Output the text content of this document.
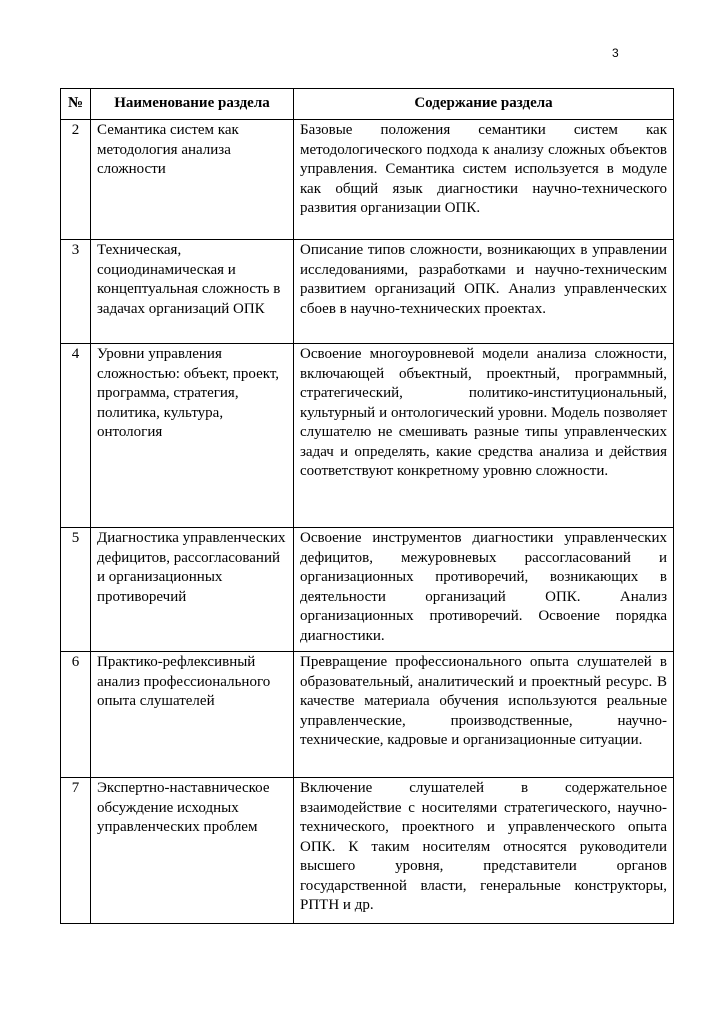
3
№	Наименование раздела	Содержание раздела
2	Семантика систем как методология анализа сложности	Базовые положения семантики систем как методологического подхода к анализу сложных объектов управления. Семантика систем используется в модуле как общий язык диагностики научно-технического развития организации ОПК.
3	Техническая, социодинамическая и концептуальная сложность в задачах организаций ОПК	Описание типов сложности, возникающих в управлении исследованиями, разработками и научно-техническим развитием организаций ОПК. Анализ управленческих сбоев в научно-технических проектах.
4	Уровни управления сложностью: объект, проект, программа, стратегия, политика, культура, онтология	Освоение многоуровневой модели анализа сложности, включающей объектный, проектный, программный, стратегический, политико-институциональный, культурный и онтологический уровни. Модель позволяет слушателю не смешивать разные типы управленческих задач и определять, какие средства анализа и действия соответствуют конкретному уровню сложности.
5	Диагностика управленческих дефицитов, рассогласований и организационных противоречий	Освоение инструментов диагностики управленческих дефицитов, межуровневых рассогласований и организационных противоречий, возникающих в деятельности организаций ОПК. Анализ организационных противоречий. Освоение порядка диагностики.
6	Практико-рефлексивный анализ профессионального опыта слушателей	Превращение профессионального опыта слушателей в образовательный, аналитический и проектный ресурс. В качестве материала обучения используются реальные управленческие, производственные, научно-технические, кадровые и организационные ситуации.
7	Экспертно-наставническое обсуждение исходных управленческих проблем	Включение слушателей в содержательное взаимодействие с носителями стратегического, научно-технического, проектного и управленческого опыта ОПК. К таким носителям относятся руководители высшего уровня, представители органов государственной власти, генеральные конструкторы, РПТН и др.
